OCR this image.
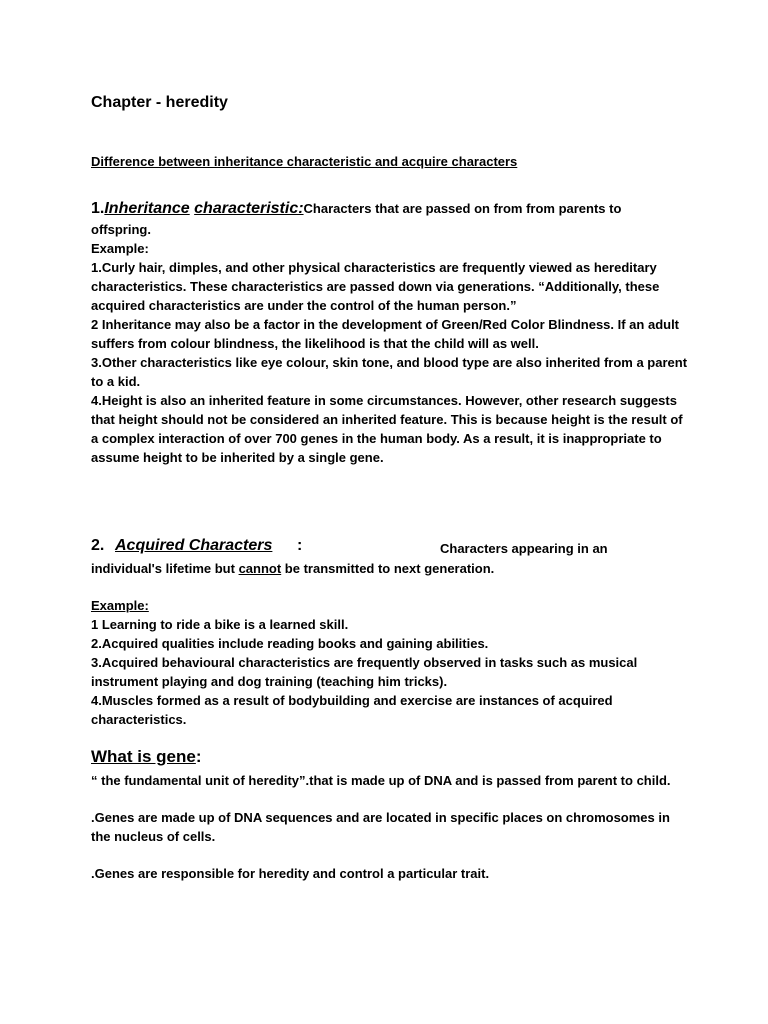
Chapter - heredity
Difference between inheritance characteristic and acquire characters
1.Inheritance characteristic:Characters that are passed on from from parents to
offspring.
Example:
1.Curly hair, dimples, and other physical characteristics are frequently viewed as hereditary characteristics. These characteristics are passed down via generations. “Additionally, these acquired characteristics are under the control of the human person.”
2 Inheritance may also be a factor in the development of Green/Red Color Blindness. If an adult suffers from colour blindness, the likelihood is that the child will as well.
3.Other characteristics like eye colour, skin tone, and blood type are also inherited from a parent to a kid.
4.Height is also an inherited feature in some circumstances. However, other research suggests that height should not be considered an inherited feature. This is because height is the result of a complex interaction of over 700 genes in the human body. As a result, it is inappropriate to assume height to be inherited by a single gene.
2. Acquired Characters :	Characters appearing in an
individual's lifetime but cannot be transmitted to next generation.
Example:
1 Learning to ride a bike is a learned skill.
2.Acquired qualities include reading books and gaining abilities.
3.Acquired behavioural characteristics are frequently observed in tasks such as musical instrument playing and dog training (teaching him tricks).
4.Muscles formed as a result of bodybuilding and exercise are instances of acquired characteristics.
What is gene:

“ the fundamental unit of heredity”.that is made up of DNA and is passed from parent to child.

.Genes are made up of DNA sequences and are located in specific places on chromosomes in the nucleus of cells.

.Genes are responsible for heredity and control a particular trait.
